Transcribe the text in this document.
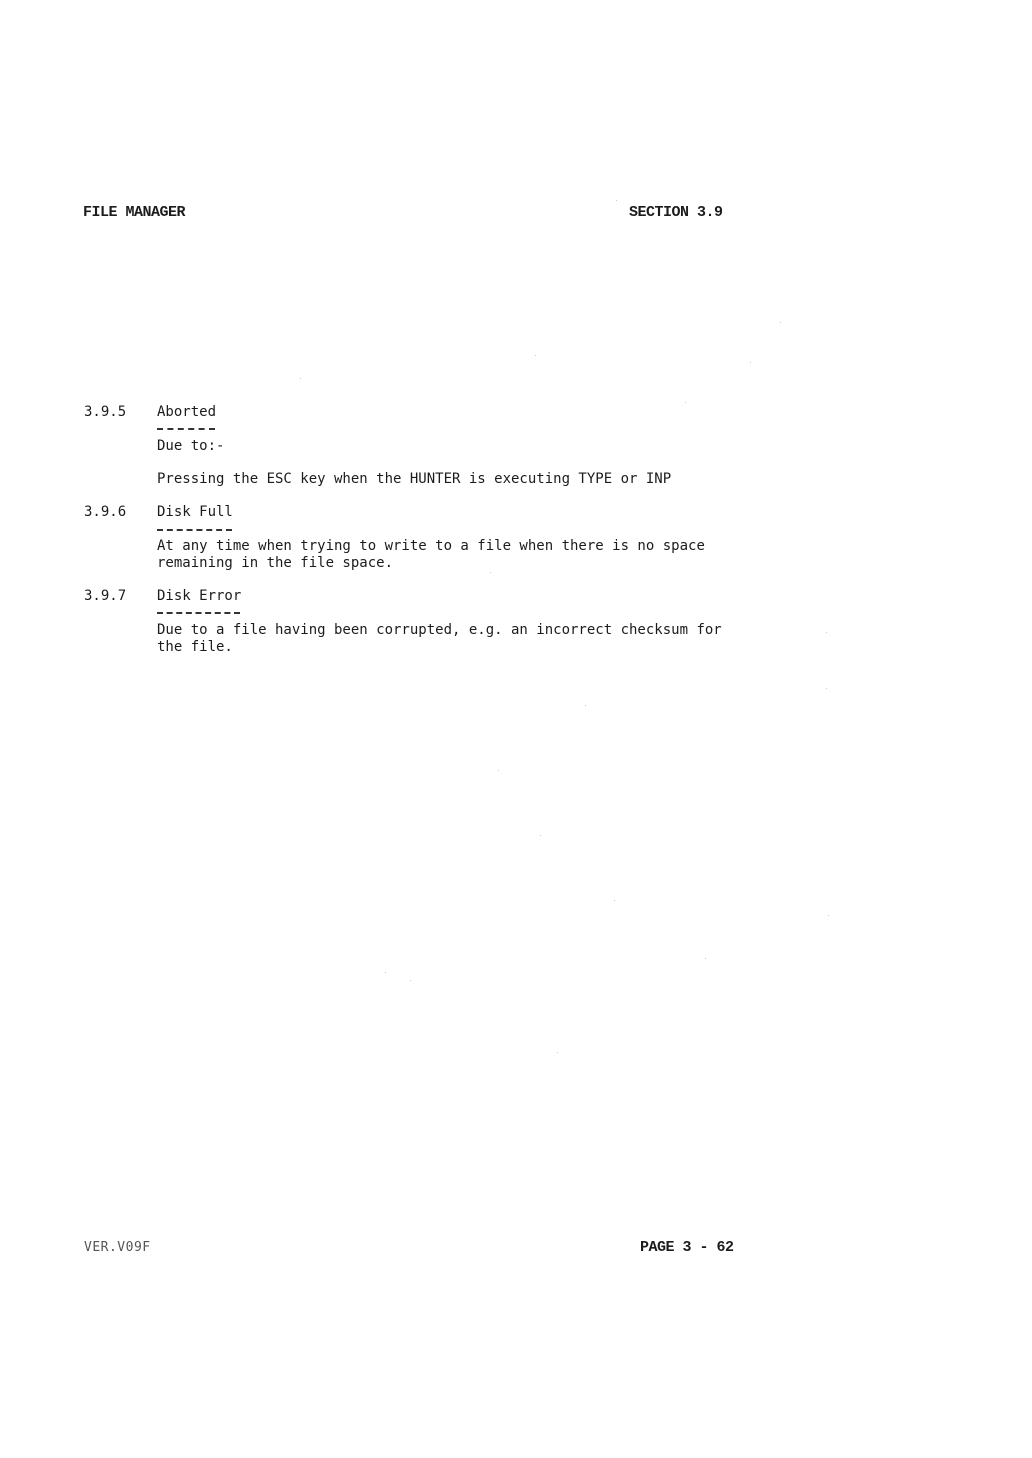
FILE MANAGER	SECTION 3.9
3.9.5 Aborted
Due to:-
Pressing the ESC key when the HUNTER is executing TYPE or INP
3.9.6 Disk Full
At any time when trying to write to a file when there is no space
remaining in the file space.
3.9.7 Disk Error
Due to a file having been corrupted, e.g. an incorrect checksum for
the file.
VER.V09F	PAGE 3 - 62
